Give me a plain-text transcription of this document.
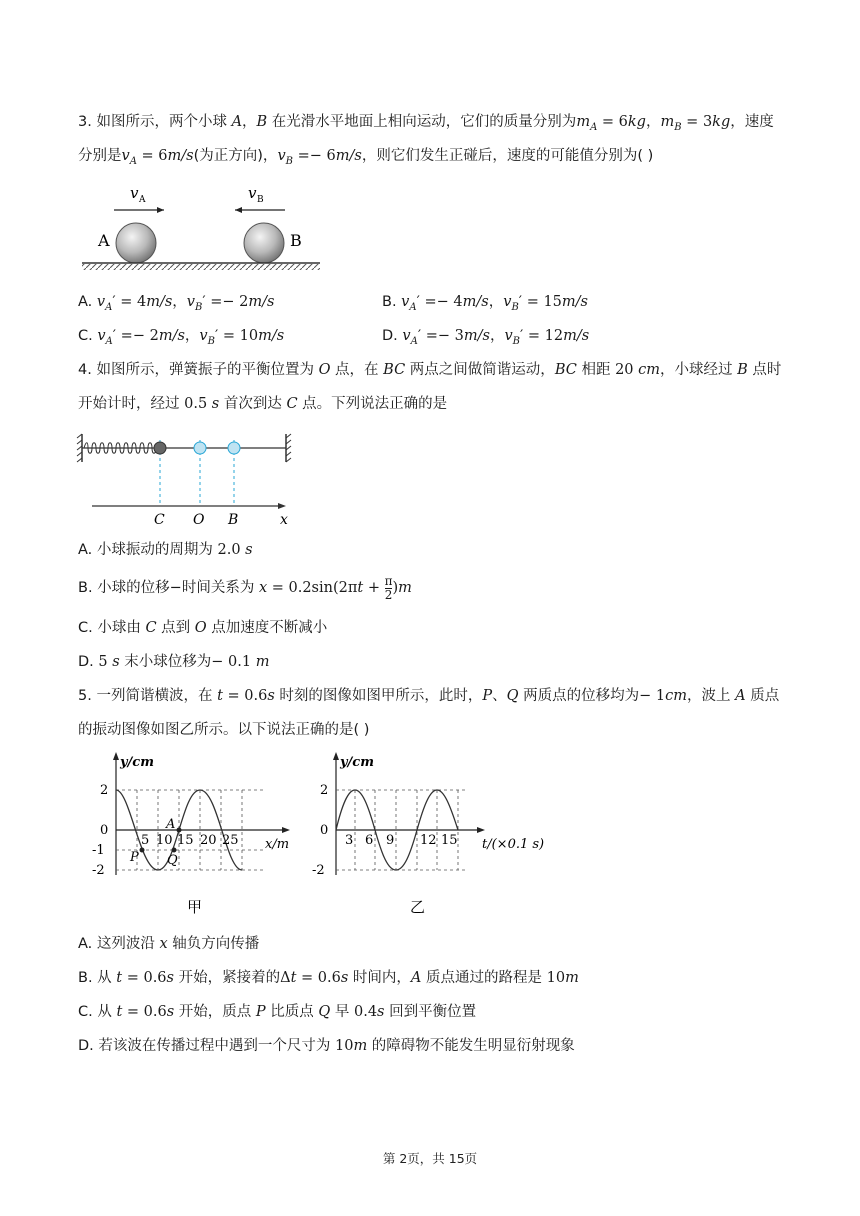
3. 如图所示，两个小球 A，B 在光滑水平地面上相向运动，它们的质量分别为$m_A = 6kg$，$m_B = 3kg$，速度
分别是$v_A = 6m/s$(为正方向)，$v_B =- 6m/s$，则它们发生正碰后，速度的可能值分别为( )
v A	v B
A	B
A. $v_A' = 4m/s$，$v_B' =- 2m/s$	B. $v_A' =- 4m/s$，$v_B' = 15m/s$
C. $v_A' =- 2m/s$，$v_B' = 10m/s$	D. $v_A' =- 3m/s$，$v_B' = 12m/s$
4. 如图所示，弹簧振子的平衡位置为 O 点，在 BC 两点之间做简谐运动，BC 相距 20 cm，小球经过 B 点时
开始计时，经过 0.5 s 首次到达 C 点。下列说法正确的是
C O B	x
A. 小球振动的周期为 2.0 s
B. 小球的位移−时间关系为 $x = 0.2\sin(2\pi t + \frac{\pi}{2} )m$
C. 小球由 C 点到 O 点加速度不断减小
D. 5 s 末小球位移为− 0.1 m
5. 一列简谐横波，在 t = 0.6s 时刻的图像如图甲所示，此时，P、Q 两质点的位移均为− 1cm，波上 A 质点
的振动图像如图乙所示。以下说法正确的是( )
y/cm
x/m
2
0
-1
-2
5 10 15 20 25
P Q
A
甲
y/cm
t/(×0.1 s)
2
0
-2
3 6 9 12 15
乙
A. 这列波沿 x 轴负方向传播
B. 从 t = 0.6s 开始，紧接着的Δt = 0.6s 时间内，A 质点通过的路程是 10m
C. 从 t = 0.6s 开始，质点 P 比质点 Q 早 0.4s 回到平衡位置
D. 若该波在传播过程中遇到一个尺寸为 10m 的障碍物不能发生明显衍射现象
第 2页，共 15页
